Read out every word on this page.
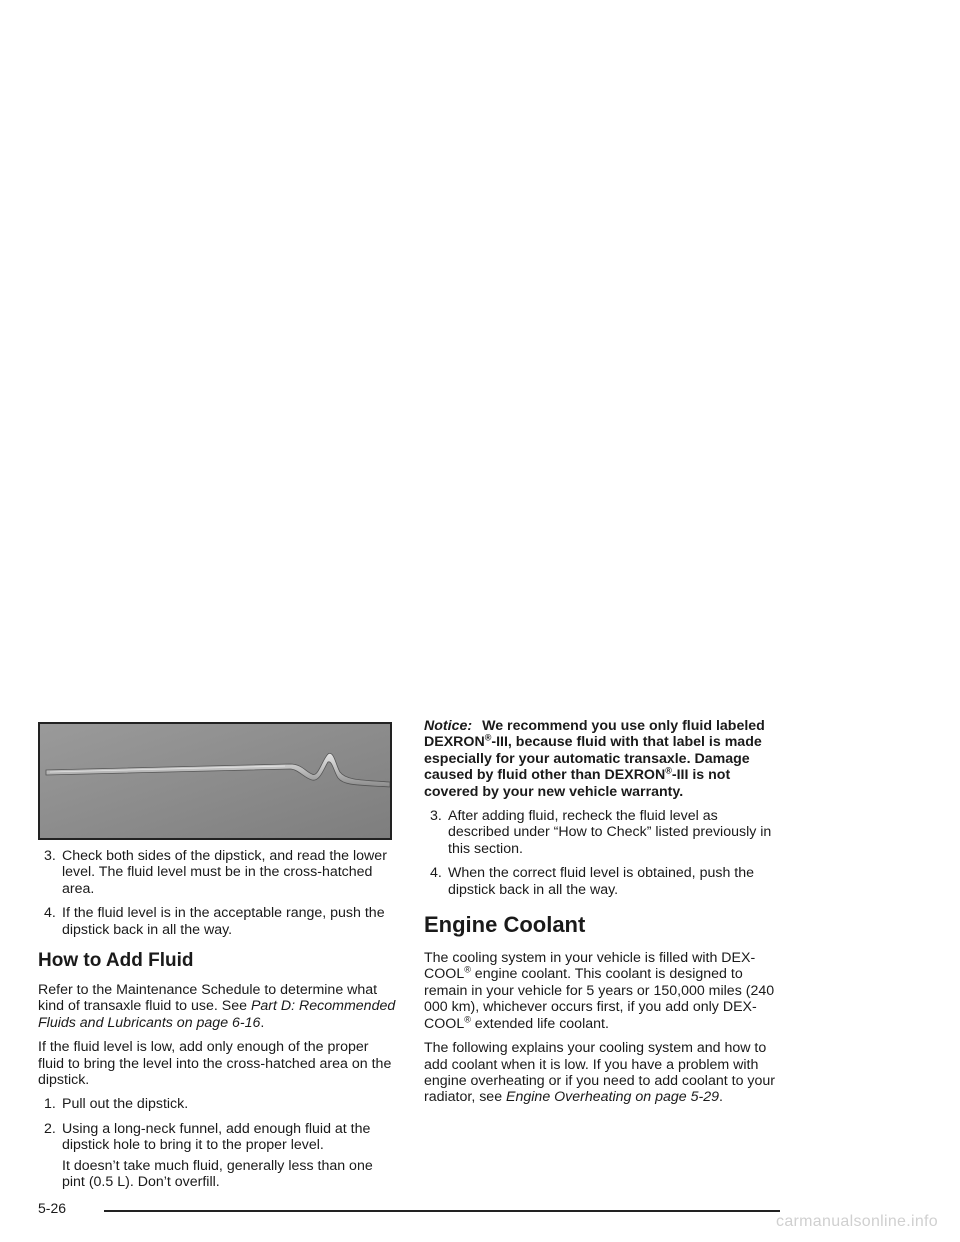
3. Check both sides of the dipstick, and read the lower level. The fluid level must be in the cross-hatched area.
4. If the fluid level is in the acceptable range, push the dipstick back in all the way.
How to Add Fluid

Refer to the Maintenance Schedule to determine what kind of transaxle fluid to use. See Part D: Recommended Fluids and Lubricants on page 6-16.

If the fluid level is low, add only enough of the proper fluid to bring the level into the cross-hatched area on the dipstick.

1. Pull out the dipstick.
2. Using a long-neck funnel, add enough fluid at the dipstick hole to bring it to the proper level.
It doesn’t take much fluid, generally less than one pint (0.5 L). Don’t overfill.

Notice: We recommend you use only fluid labeled DEXRON®-III, because fluid with that label is made especially for your automatic transaxle. Damage caused by fluid other than DEXRON®-III is not covered by your new vehicle warranty.

3. After adding fluid, recheck the fluid level as described under “How to Check” listed previously in this section.
4. When the correct fluid level is obtained, push the dipstick back in all the way.
Engine Coolant

The cooling system in your vehicle is filled with DEX-COOL® engine coolant. This coolant is designed to remain in your vehicle for 5 years or 150,000 miles (240 000 km), whichever occurs first, if you add only DEX-COOL® extended life coolant.

The following explains your cooling system and how to add coolant when it is low. If you have a problem with engine overheating or if you need to add coolant to your radiator, see Engine Overheating on page 5-29.

5-26
carmanualsonline.info
